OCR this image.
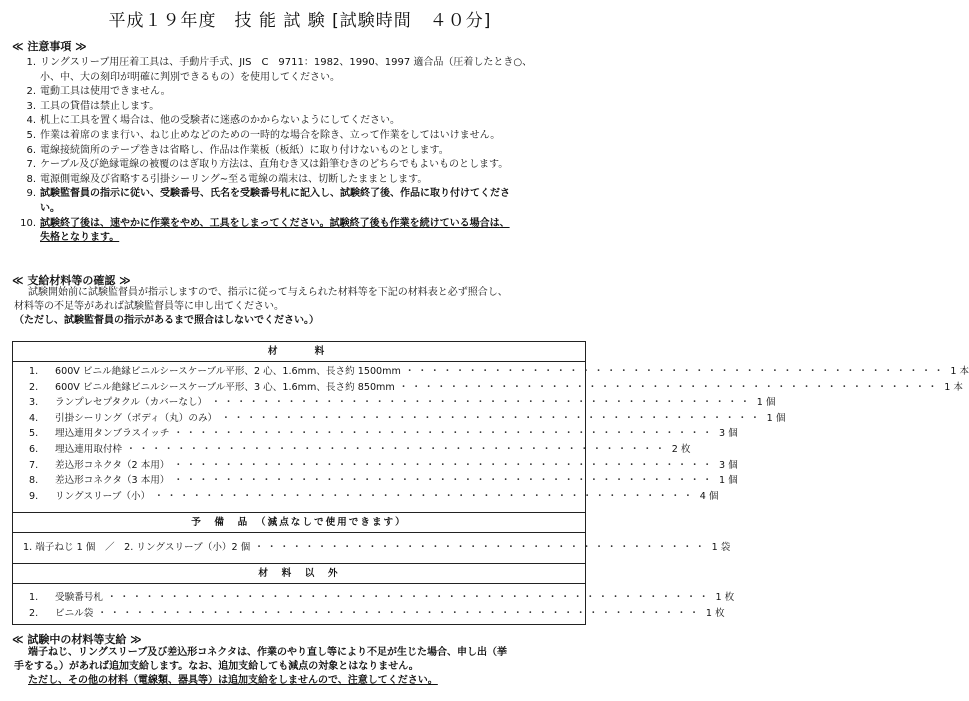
平成１９年度　技 能 試 験 [試験時間　４０分]
≪ 注意事項 ≫
1. リングスリーブ用圧着工具は、手動片手式、JIS　C　9711：1982、1990、1997 適合品（圧着したとき○、
小、中、大の刻印が明確に判別できるもの）を使用してください。
2. 電動工具は使用できません。
3. 工具の貸借は禁止します。
4. 机上に工具を置く場合は、他の受験者に迷惑のかからないようにしてください。
5. 作業は着席のまま行い、ねじ止めなどのための一時的な場合を除き、立って作業をしてはいけません。
6. 電線接続箇所のテープ巻きは省略し、作品は作業板（板紙）に取り付けないものとします。
7. ケーブル及び絶縁電線の被覆のはぎ取り方法は、直角むき又は鉛筆むきのどちらでもよいものとします。
8. 電源側電線及び省略する引掛シーリング∼至る電線の端末は、切断したままとします。
9. 試験監督員の指示に従い、受験番号、氏名を受験番号札に記入し、試験終了後、作品に取り付けてくださ
い。
10. 試験終了後は、速やかに作業をやめ、工具をしまってください。試験終了後も作業を続けている場合は、
失格となります。
≪ 支給材料等の確認 ≫
試験開始前に試験監督員が指示しますので、指示に従って与えられた材料等を下記の材料表と必ず照合し、
材料等の不足等があれば試験監督員等に申し出てください。
（ただし、試験監督員の指示があるまで照合はしないでください。）
材　　料
1.	600V ビニル絶縁ビニルシースケーブル平形、2 心、1.6mm、長さ約 1500mm ・・・・・・・・・・・・・・・・・・・・・・・・・・・・・・・・・・・・・・・・・・・ 1 本
2.	600V ビニル絶縁ビニルシースケーブル平形、3 心、1.6mm、長さ約 850mm ・・・・・・・・・・・・・・・・・・・・・・・・・・・・・・・・・・・・・・・・・・・ 1 本
3.	ランプレセプタクル（カバーなし） ・・・・・・・・・・・・・・・・・・・・・・・・・・・・・・・・・・・・・・・・・・・ 1 個
4.	引掛シーリング（ボディ（丸）のみ） ・・・・・・・・・・・・・・・・・・・・・・・・・・・・・・・・・・・・・・・・・・・ 1 個
5.	埋込連用タンブラスイッチ ・・・・・・・・・・・・・・・・・・・・・・・・・・・・・・・・・・・・・・・・・・・ 3 個
6.	埋込連用取付枠 ・・・・・・・・・・・・・・・・・・・・・・・・・・・・・・・・・・・・・・・・・・・ 2 枚
7.	差込形コネクタ（2 本用） ・・・・・・・・・・・・・・・・・・・・・・・・・・・・・・・・・・・・・・・・・・・ 3 個
8.	差込形コネクタ（3 本用） ・・・・・・・・・・・・・・・・・・・・・・・・・・・・・・・・・・・・・・・・・・・ 1 個
9.	リングスリーブ（小） ・・・・・・・・・・・・・・・・・・・・・・・・・・・・・・・・・・・・・・・・・・・ 4 個
予　備　品　（減点なしで使用できます）
1. 端子ねじ 1 個　／　2. リングスリーブ（小）2 個 ・・・・・・・・・・・・・・・・・・・・・・・・・・・・・・・・・・・・ 1 袋
材　料　以　外
1.	受験番号札 ・・・・・・・・・・・・・・・・・・・・・・・・・・・・・・・・・・・・・・・・・・・・・・・・ 1 枚
2.	ビニル袋 ・・・・・・・・・・・・・・・・・・・・・・・・・・・・・・・・・・・・・・・・・・・・・・・・ 1 枚
≪ 試験中の材料等支給 ≫
端子ねじ、リングスリーブ及び差込形コネクタは、作業のやり直し等により不足が生じた場合、申し出（挙
手をする。）があれば追加支給します。なお、追加支給しても減点の対象とはなりません。
ただし、その他の材料（電線類、器具等）は追加支給をしませんので、注意してください。
